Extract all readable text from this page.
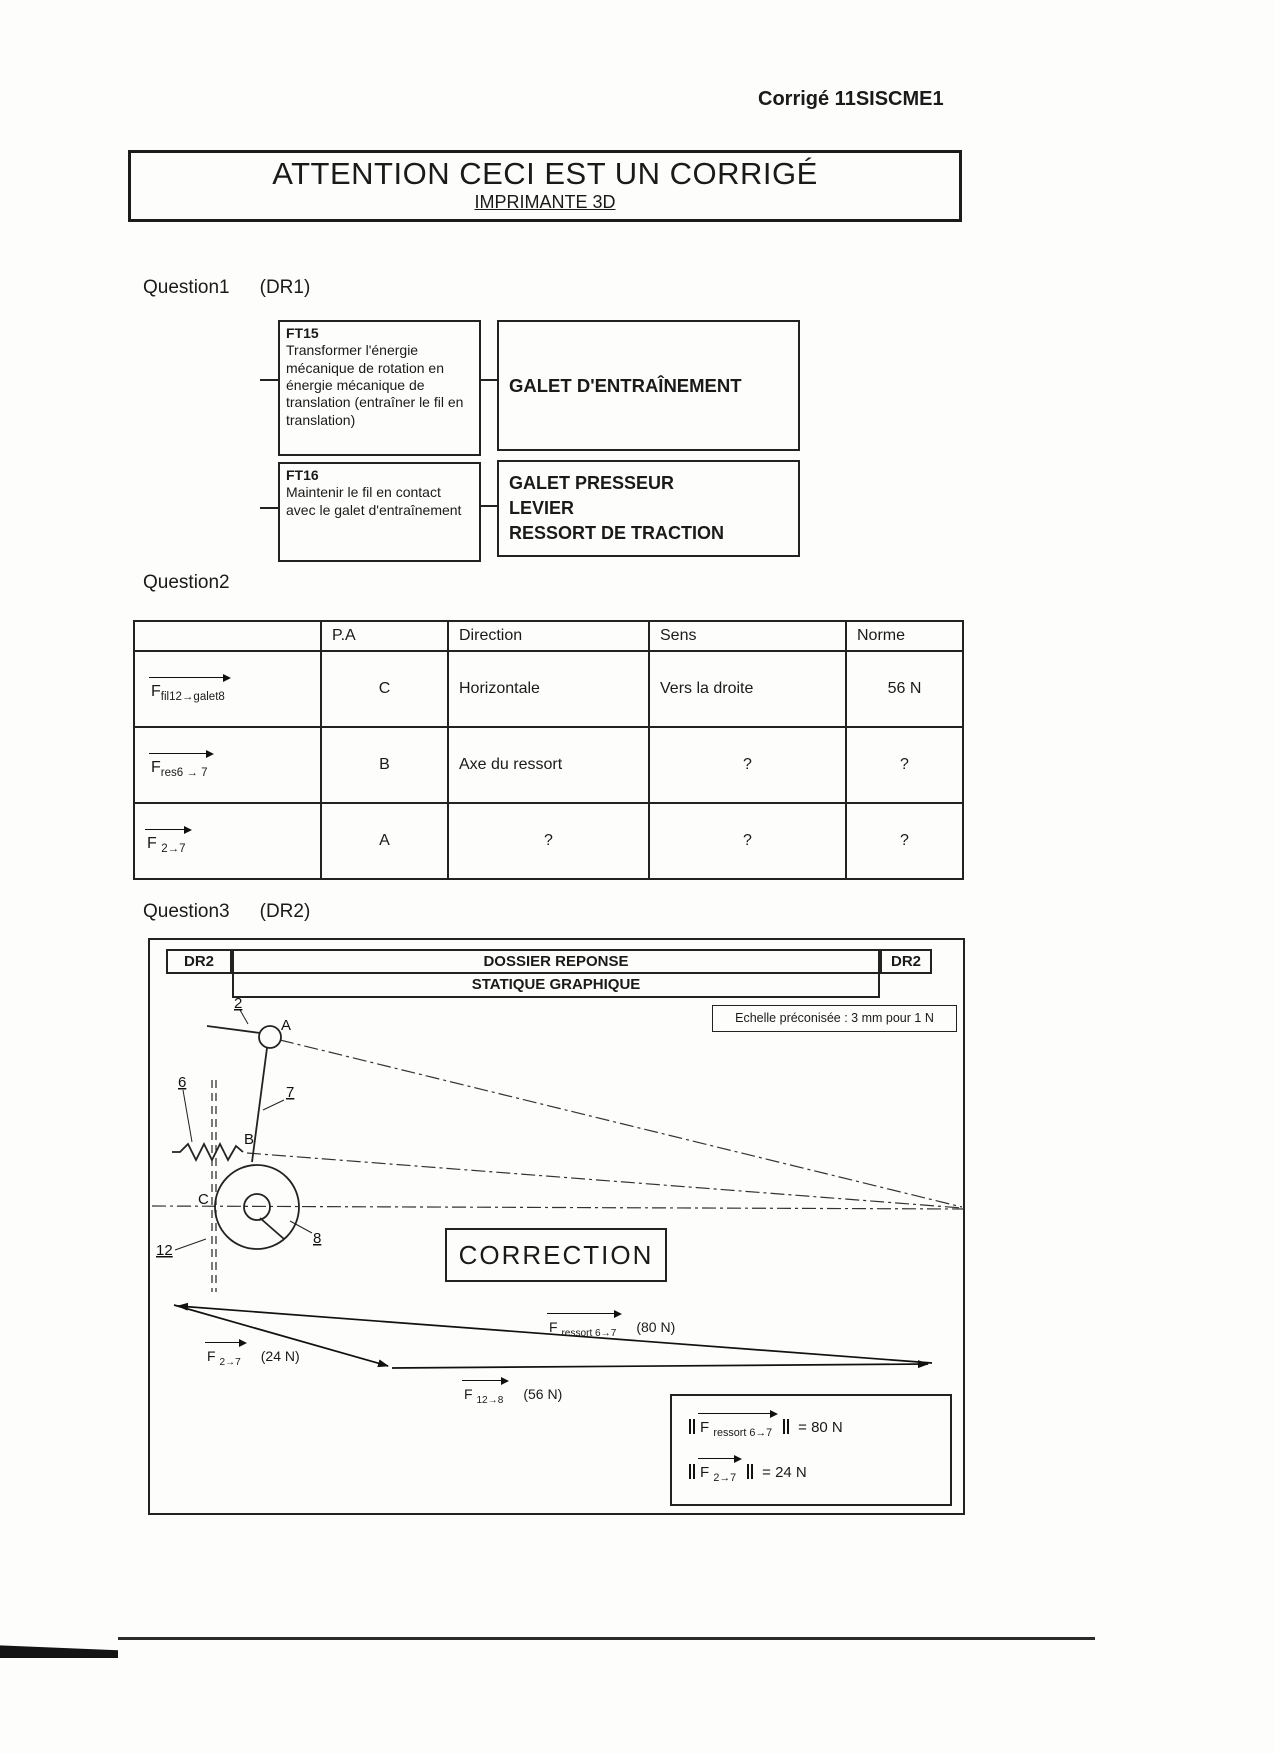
Corrigé 11SISCME1
ATTENTION CECI EST UN CORRIGÉ
IMPRIMANTE 3D
Question1 (DR1)
FT15
Transformer l'énergie mécanique de rotation en énergie mécanique de translation (entraîner le fil en translation)
GALET D'ENTRAÎNEMENT
FT16
Maintenir le fil en contact avec le galet d'entraînement
GALET PRESSEUR
LEVIER
RESSORT DE TRACTION
Question2
	P.A	Direction	Sens	Norme
$F_{fil12\to galet8}$	C	Horizontale	Vers la droite	56 N
$F_{res6 \to 7}$	B	Axe du ressort	?	?
F $_{2\to 7}$	A	?	?	?
Question3 (DR2)
DR2	DOSSIER REPONSE	DR2
STATIQUE GRAPHIQUE
Echelle préconisée : 3 mm pour 1 N
2
A
6
7
B
C
8
12	CORRECTION
F $_{ressort 6\to 7}$ (80 N)
F $_{2\to 7}$ (24 N)
F $_{12\to 8}$ (56 N)
F $_{ressort 6\to 7}$ = 80 N
F $_{2\to 7}$ = 24 N
